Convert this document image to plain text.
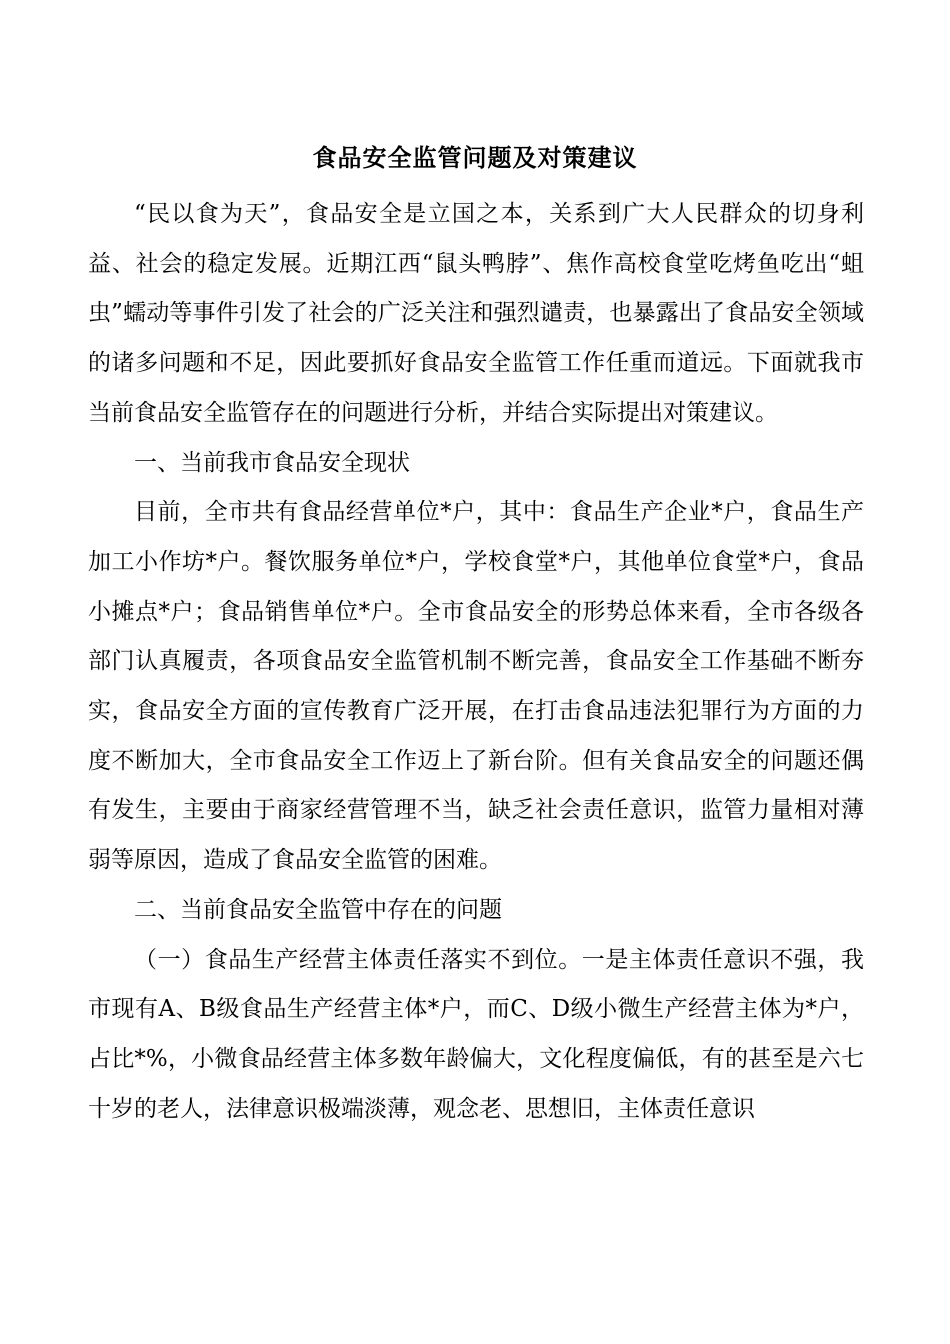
食品安全监管问题及对策建议

“民以食为天”，食品安全是立国之本，关系到广大人民群众的切身利益、社会的稳定发展。近期江西“鼠头鸭脖”、焦作高校食堂吃烤鱼吃出“蛆虫”蠕动等事件引发了社会的广泛关注和强烈谴责，也暴露出了食品安全领域的诸多问题和不足，因此要抓好食品安全监管工作任重而道远。下面就我市当前食品安全监管存在的问题进行分析，并结合实际提出对策建议。

一、当前我市食品安全现状

目前，全市共有食品经营单位*户，其中：食品生产企业*户，食品生产加工小作坊*户。餐饮服务单位*户，学校食堂*户，其他单位食堂*户，食品小摊点*户；食品销售单位*户。全市食品安全的形势总体来看，全市各级各部门认真履责，各项食品安全监管机制不断完善，食品安全工作基础不断夯实，食品安全方面的宣传教育广泛开展，在打击食品违法犯罪行为方面的力度不断加大，全市食品安全工作迈上了新台阶。但有关食品安全的问题还偶有发生，主要由于商家经营管理不当，缺乏社会责任意识，监管力量相对薄弱等原因，造成了食品安全监管的困难。

二、当前食品安全监管中存在的问题

（一）食品生产经营主体责任落实不到位。一是主体责任意识不强，我市现有A、B级食品生产经营主体*户，而C、D级小微生产经营主体为*户，占比*%，小微食品经营主体多数年龄偏大，文化程度偏低，有的甚至是六七十岁的老人，法律意识极端淡薄，观念老、思想旧，主体责任意识
